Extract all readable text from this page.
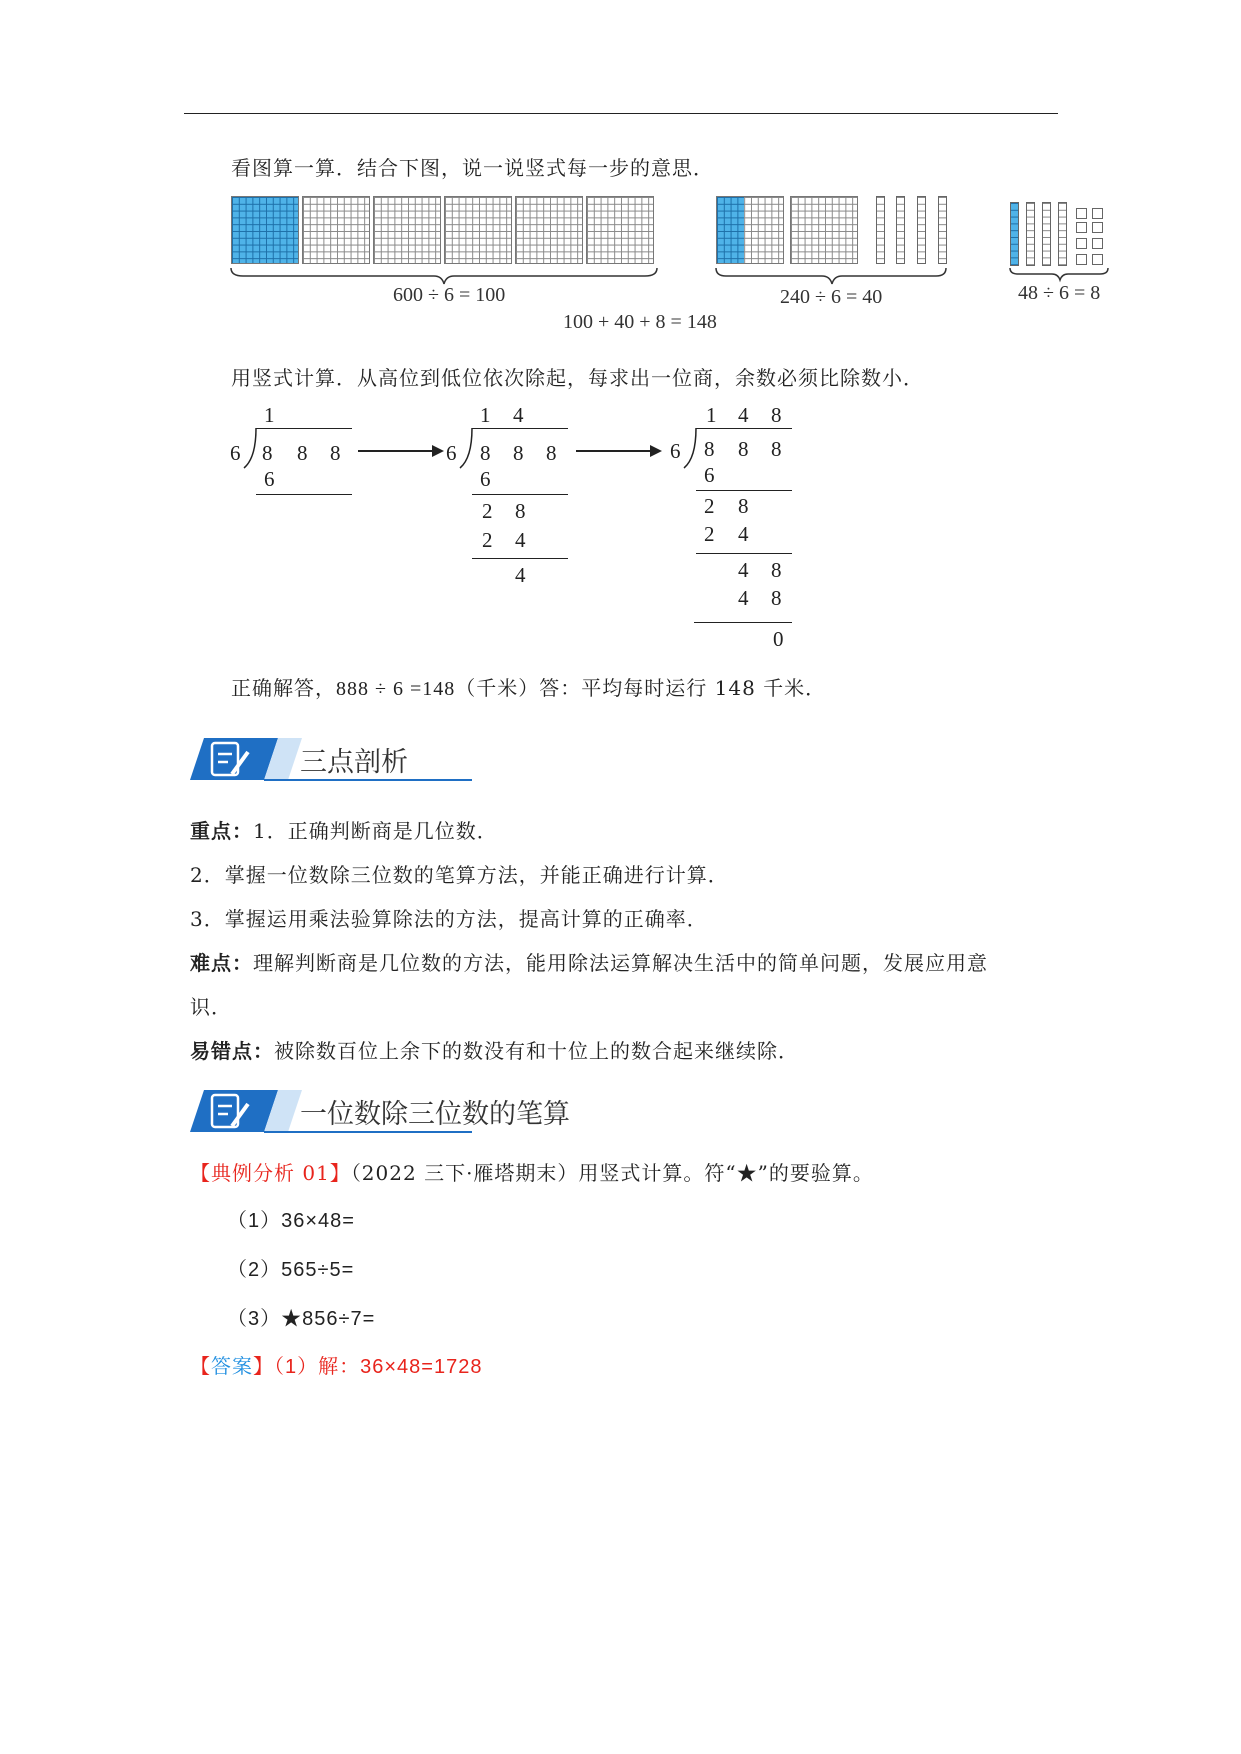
看图算一算．结合下图，说一说竖式每一步的意思．
600 ÷ 6 = 100	240 ÷ 6 = 40	48 ÷ 6 = 8
100 + 40 + 8 = 148
用竖式计算．从高位到低位依次除起，每求出一位商，余数必须比除数小．
1
6 8 8 8
6
1 4
6 8 8 8
6
2 8
2 4
4
1 4 8
6 8 8 8
6
2 8
2 4
4 8
4 8
0
正确解答，888 ÷ 6 =148（千米）答：平均每时运行 148 千米．
三点剖析
重点：1．正确判断商是几位数．
2．掌握一位数除三位数的笔算方法，并能正确进行计算．
3．掌握运用乘法验算除法的方法，提高计算的正确率．
难点：理解判断商是几位数的方法，能用除法运算解决生活中的简单问题，发展应用意
识．
易错点：被除数百位上余下的数没有和十位上的数合起来继续除．
一位数除三位数的笔算
【典例分析 01】（2022 三下·雁塔期末）用竖式计算。符“★”的要验算。
（1）36×48=
（2）565÷5=
（3）★856÷7=
【答案】（1）解：36×48=1728
